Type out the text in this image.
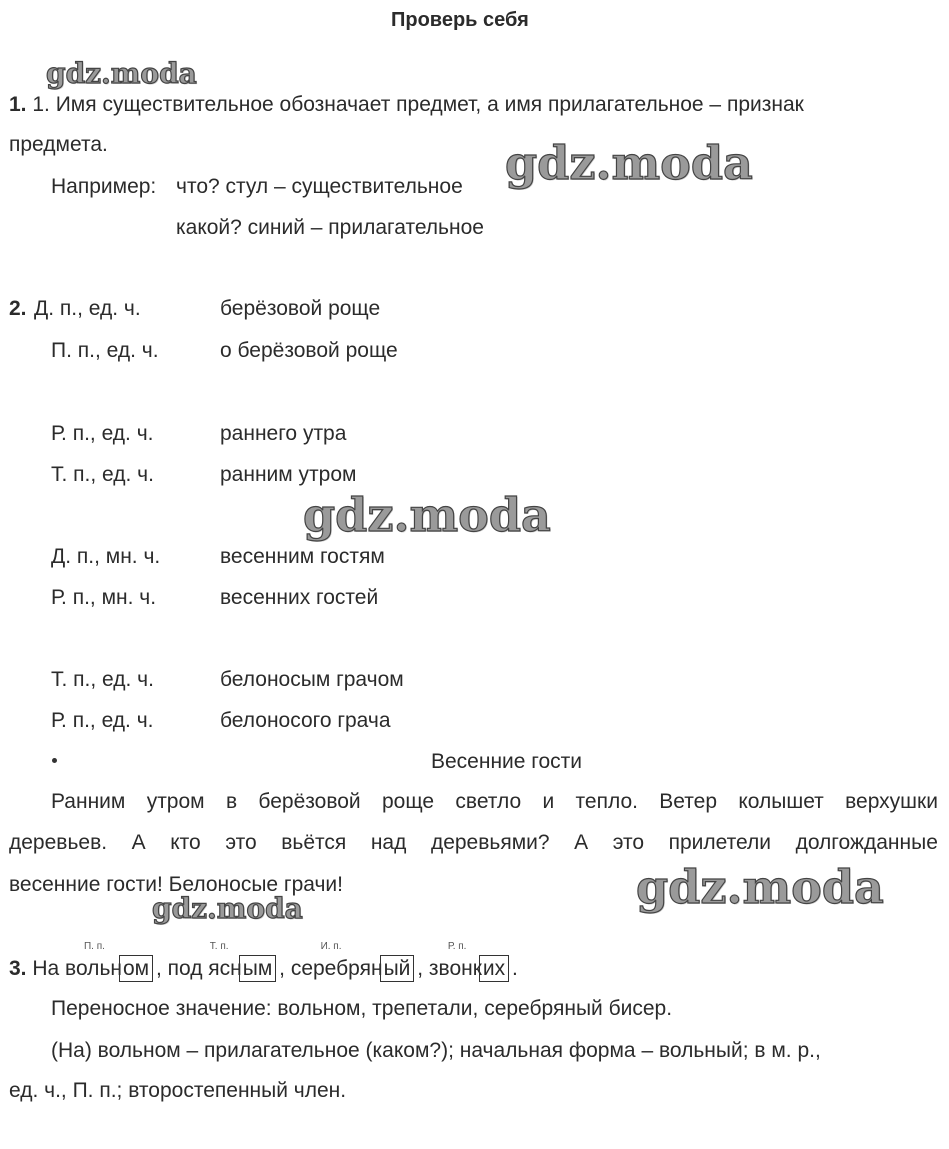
Проверь себя
gdz.moda
gdz.moda
gdz.moda
gdz.moda
gdz.moda
1. 1. Имя существительное обозначает предмет, а имя прилагательное – признак
предмета.
Например: что? стул – существительное
какой? синий – прилагательное
2. Д. п., ед. ч.	берёзовой роще
П. п., ед. ч.	о берёзовой роще
Р. п., ед. ч.	раннего утра
Т. п., ед. ч.	ранним утром
Д. п., мн. ч.	весенним гостям
Р. п., мн. ч.	весенних гостей
Т. п., ед. ч.	белоносым грачом
Р. п., ед. ч.	белоносого грача
Весенние гости
Ранним утром в берёзовой роще светло и тепло. Ветер колышет верхушки
деревьев. А кто это вьётся над деревьями? А это прилетели долгожданные
весенние гости! Белоносые грачи!
3. На вольн
П. п.
ом , под ясн
Т. п.
ым , серебрян
И. п.
ый , звонк
Р. п.
их .
Переносное значение: вольном, трепетали, серебряный бисер.
(На) вольном – прилагательное (каком?); начальная форма – вольный; в м. р.,
ед. ч., П. п.; второстепенный член.
